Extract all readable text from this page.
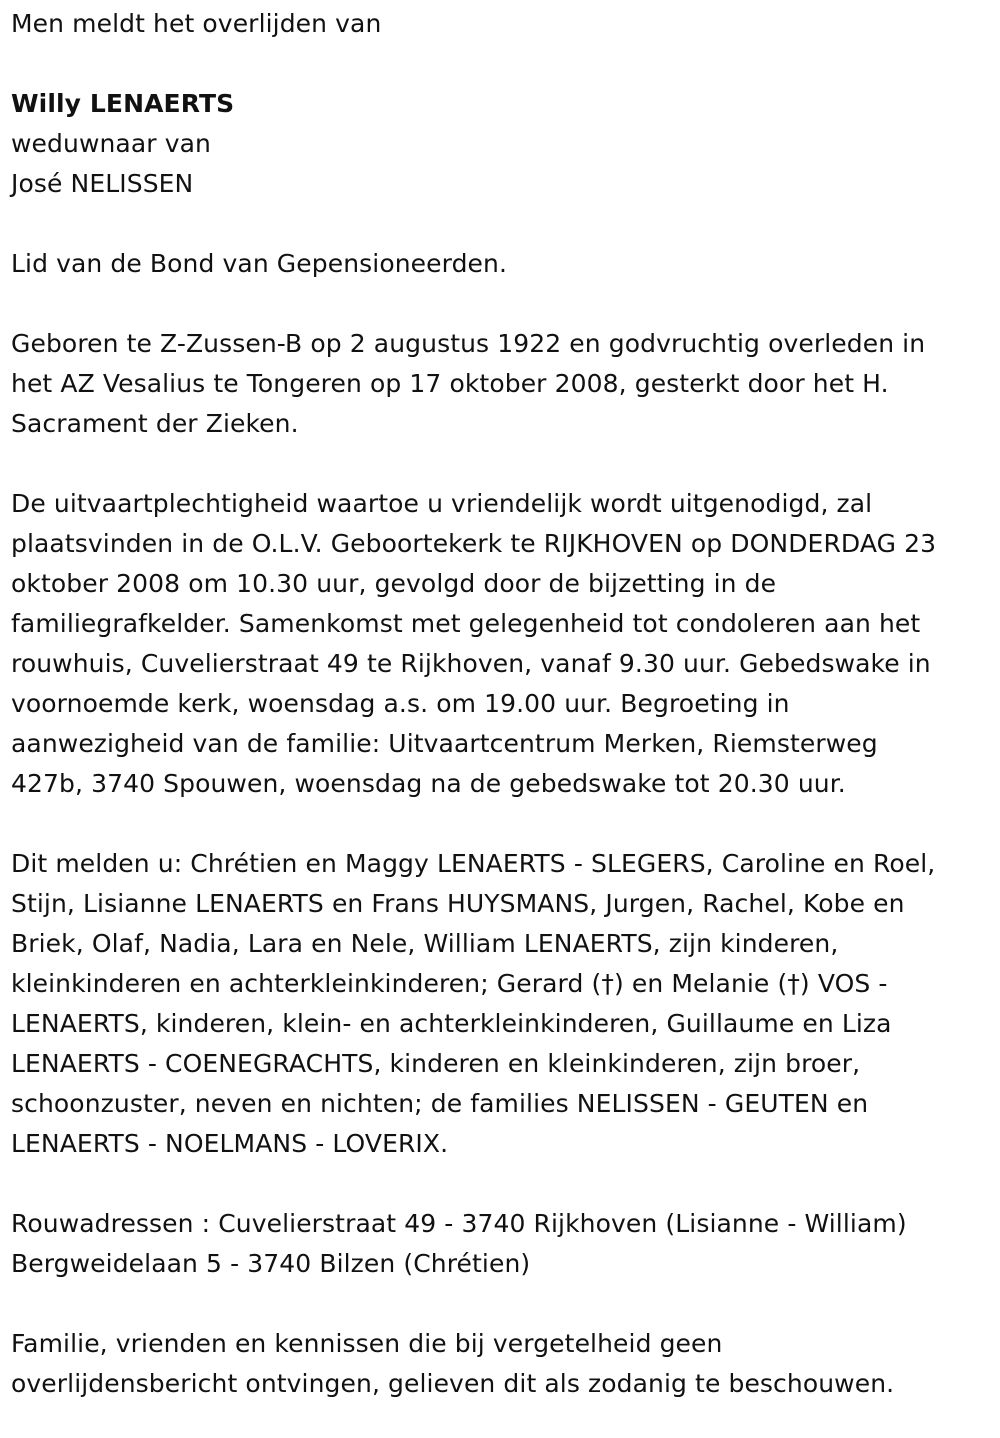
Men meldt het overlijden van
Willy LENAERTS
weduwnaar van
José NELISSEN
Lid van de Bond van Gepensioneerden.
Geboren te Z-Zussen-B op 2 augustus 1922 en godvruchtig overleden in
het AZ Vesalius te Tongeren op 17 oktober 2008, gesterkt door het H.
Sacrament der Zieken.
De uitvaartplechtigheid waartoe u vriendelijk wordt uitgenodigd, zal
plaatsvinden in de O.L.V. Geboortekerk te RIJKHOVEN op DONDERDAG 23
oktober 2008 om 10.30 uur, gevolgd door de bijzetting in de
familiegrafkelder. Samenkomst met gelegenheid tot condoleren aan het
rouwhuis, Cuvelierstraat 49 te Rijkhoven, vanaf 9.30 uur. Gebedswake in
voornoemde kerk, woensdag a.s. om 19.00 uur. Begroeting in
aanwezigheid van de familie: Uitvaartcentrum Merken, Riemsterweg
427b, 3740 Spouwen, woensdag na de gebedswake tot 20.30 uur.
Dit melden u: Chrétien en Maggy LENAERTS - SLEGERS, Caroline en Roel,
Stijn, Lisianne LENAERTS en Frans HUYSMANS, Jurgen, Rachel, Kobe en
Briek, Olaf, Nadia, Lara en Nele, William LENAERTS, zijn kinderen,
kleinkinderen en achterkleinkinderen; Gerard (†) en Melanie (†) VOS -
LENAERTS, kinderen, klein- en achterkleinkinderen, Guillaume en Liza
LENAERTS - COENEGRACHTS, kinderen en kleinkinderen, zijn broer,
schoonzuster, neven en nichten; de families NELISSEN - GEUTEN en
LENAERTS - NOELMANS - LOVERIX.
Rouwadressen : Cuvelierstraat 49 - 3740 Rijkhoven (Lisianne - William)
Bergweidelaan 5 - 3740 Bilzen (Chrétien)
Familie, vrienden en kennissen die bij vergetelheid geen
overlijdensbericht ontvingen, gelieven dit als zodanig te beschouwen.
